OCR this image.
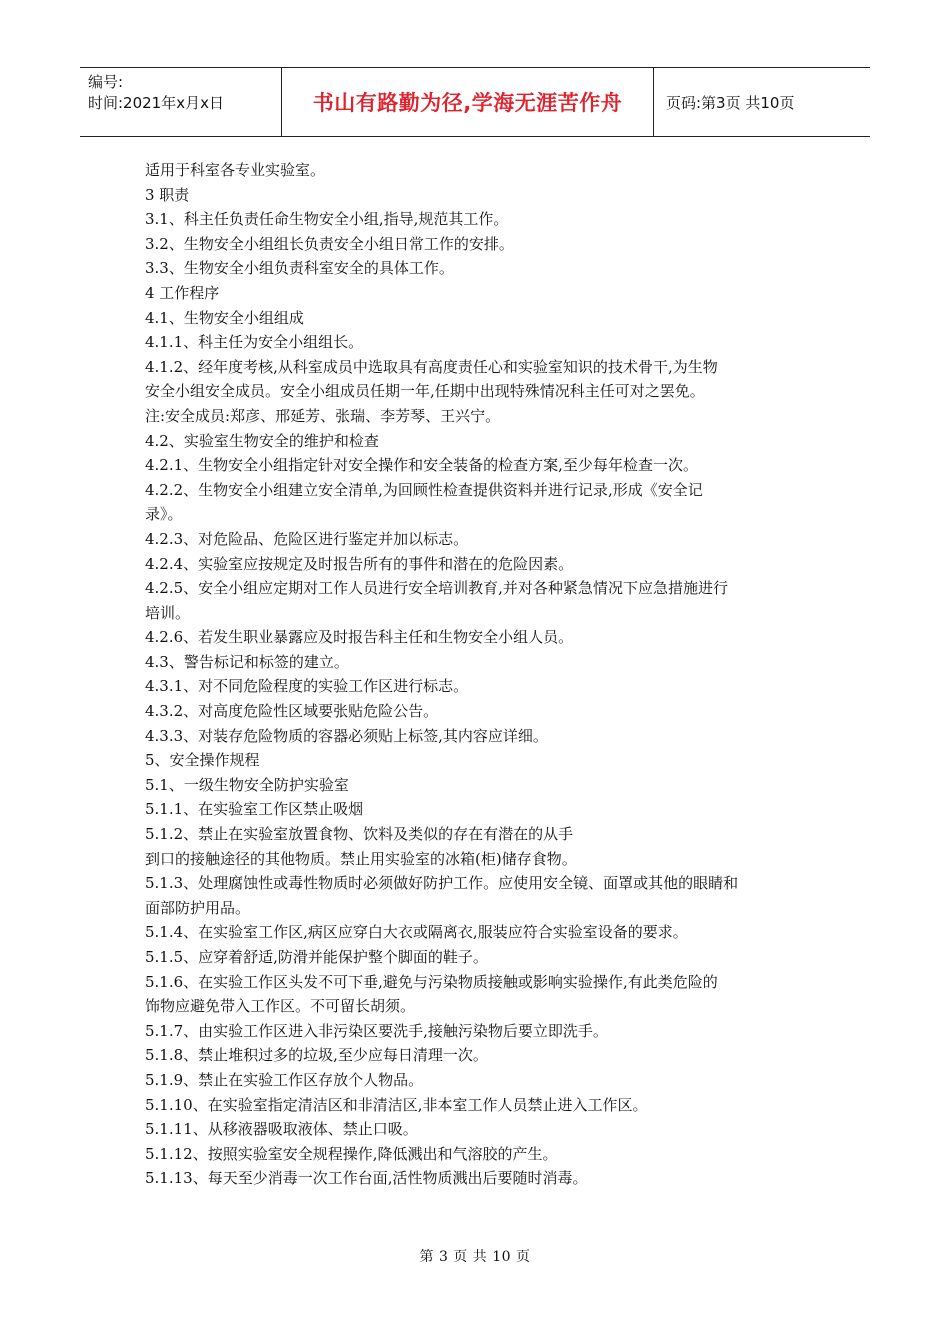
编号:
时间:2021年x月x日	书山有路勤为径,学海无涯苦作舟	页码:第3页 共10页
适用于科室各专业实验室。
3 职责
3.1、科主任负责任命生物安全小组,指导,规范其工作。
3.2、生物安全小组组长负责安全小组日常工作的安排。
3.3、生物安全小组负责科室安全的具体工作。
4 工作程序
4.1、生物安全小组组成
4.1.1、科主任为安全小组组长。
4.1.2、经年度考核,从科室成员中选取具有高度责任心和实验室知识的技术骨干,为生物
安全小组安全成员。安全小组成员任期一年,任期中出现特殊情况科主任可对之罢免。
注:安全成员:郑彦、邢延芳、张瑞、李芳琴、王兴宁。
4.2、实验室生物安全的维护和检查
4.2.1、生物安全小组指定针对安全操作和安全装备的检查方案,至少每年检查一次。
4.2.2、生物安全小组建立安全清单,为回顾性检查提供资料并进行记录,形成《安全记
录》。
4.2.3、对危险品、危险区进行鉴定并加以标志。
4.2.4、实验室应按规定及时报告所有的事件和潜在的危险因素。
4.2.5、安全小组应定期对工作人员进行安全培训教育,并对各种紧急情况下应急措施进行
培训。
4.2.6、若发生职业暴露应及时报告科主任和生物安全小组人员。
4.3、警告标记和标签的建立。
4.3.1、对不同危险程度的实验工作区进行标志。
4.3.2、对高度危险性区域要张贴危险公告。
4.3.3、对装存危险物质的容器必须贴上标签,其内容应详细。
5、安全操作规程
5.1、一级生物安全防护实验室
5.1.1、在实验室工作区禁止吸烟
5.1.2、禁止在实验室放置食物、饮料及类似的存在有潜在的从手
到口的接触途径的其他物质。禁止用实验室的冰箱(柜)储存食物。
5.1.3、处理腐蚀性或毒性物质时必须做好防护工作。应使用安全镜、面罩或其他的眼睛和
面部防护用品。
5.1.4、在实验室工作区,病区应穿白大衣或隔离衣,服装应符合实验室设备的要求。
5.1.5、应穿着舒适,防滑并能保护整个脚面的鞋子。
5.1.6、在实验工作区头发不可下垂,避免与污染物质接触或影响实验操作,有此类危险的
饰物应避免带入工作区。不可留长胡须。
5.1.7、由实验工作区进入非污染区要洗手,接触污染物后要立即洗手。
5.1.8、禁止堆积过多的垃圾,至少应每日清理一次。
5.1.9、禁止在实验工作区存放个人物品。
5.1.10、在实验室指定清洁区和非清洁区,非本室工作人员禁止进入工作区。
5.1.11、从移液器吸取液体、禁止口吸。
5.1.12、按照实验室安全规程操作,降低溅出和气溶胶的产生。
5.1.13、每天至少消毒一次工作台面,活性物质溅出后要随时消毒。
第 3 页 共 10 页
